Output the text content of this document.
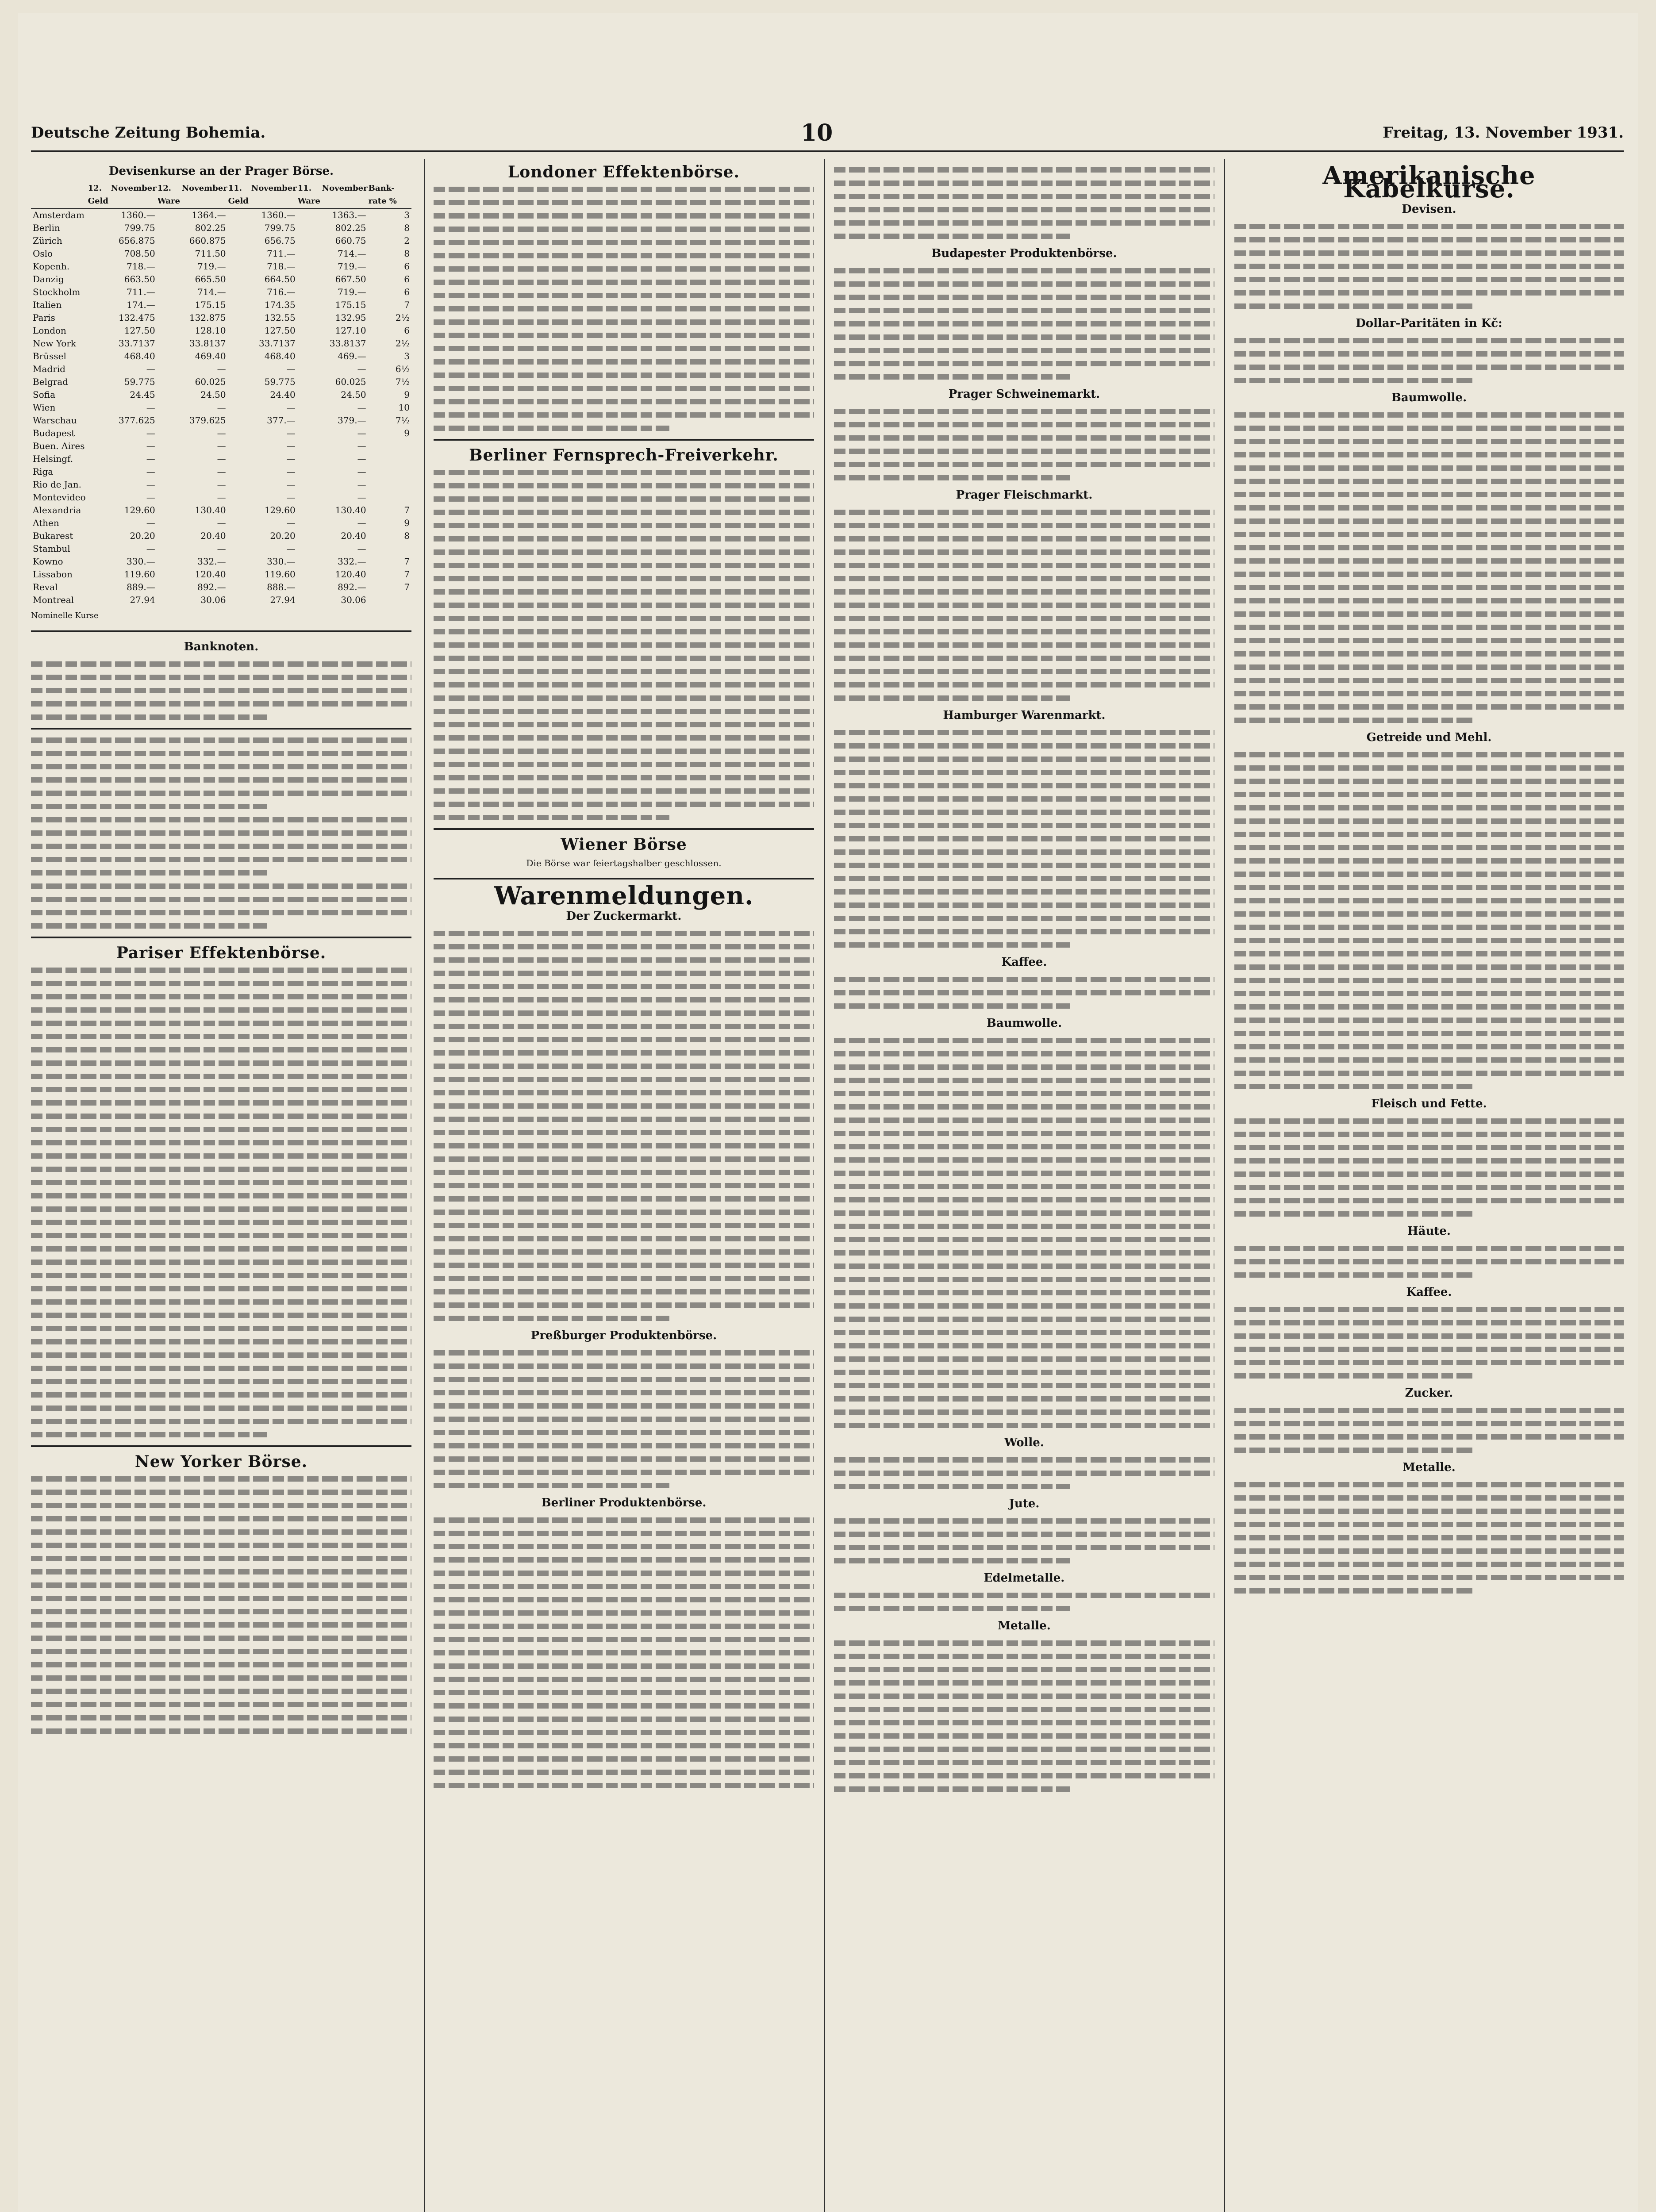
Deutsche Zeitung Bohemia.	10	Freitag, 13. November 1931.
Devisenkurse an der Prager Börse.
	12. November Geld	12. November Ware	11. November Geld	11. November Ware	Bank-rate %
Amsterdam	1360.—	1364.—	1360.—	1363.—	3
Berlin	799.75	802.25	799.75	802.25	8
Zürich	656.875	660.875	656.75	660.75	2
Oslo	708.50	711.50	711.—	714.—	8
Kopenh.	718.—	719.—	718.—	719.—	6
Danzig	663.50	665.50	664.50	667.50	6
Stockholm	711.—	714.—	716.—	719.—	6
Italien	174.—	175.15	174.35	175.15	7
Paris	132.475	132.875	132.55	132.95	2½
London	127.50	128.10	127.50	127.10	6
New York	33.7137	33.8137	33.7137	33.8137	2½
Brüssel	468.40	469.40	468.40	469.—	3
Madrid	—	—	—	—	6½
Belgrad	59.775	60.025	59.775	60.025	7½
Sofia	24.45	24.50	24.40	24.50	9
Wien	—	—	—	—	10
Warschau	377.625	379.625	377.—	379.—	7½
Budapest	—	—	—	—	9
Buen. Aires	—	—	—	—	
Helsingf.	—	—	—	—	
Riga	—	—	—	—	
Rio de Jan.	—	—	—	—	
Montevideo	—	—	—	—	
Alexandria	129.60	130.40	129.60	130.40	7
Athen	—	—	—	—	9
Bukarest	20.20	20.40	20.20	20.40	8
Stambul	—	—	—	—	
Kowno	330.—	332.—	330.—	332.—	7
Lissabon	119.60	120.40	119.60	120.40	7
Reval	889.—	892.—	888.—	892.—	7
Montreal	27.94	30.06	27.94	30.06	
Nominelle Kurse
Banknoten.
Pariser Effektenbörse.
New Yorker Börse.
Londoner Effektenbörse.
Berliner Fernsprech-Freiverkehr.
Wiener Börse
Die Börse war feiertagshalber geschlossen.
Warenmeldungen.
Der Zuckermarkt.
Preßburger Produktenbörse.
Berliner Produktenbörse.
Budapester Produktenbörse.
Prager Schweinemarkt.
Prager Fleischmarkt.
Hamburger Warenmarkt.
Kaffee.
Baumwolle.
Wolle.
Jute.
Edelmetalle.
Metalle.
Amerikanische Kabelkurse.
Devisen.
Dollar-Paritäten in Kč:
Baumwolle.
Getreide und Mehl.
Fleisch und Fette.
Häute.
Kaffee.
Zucker.
Metalle.
